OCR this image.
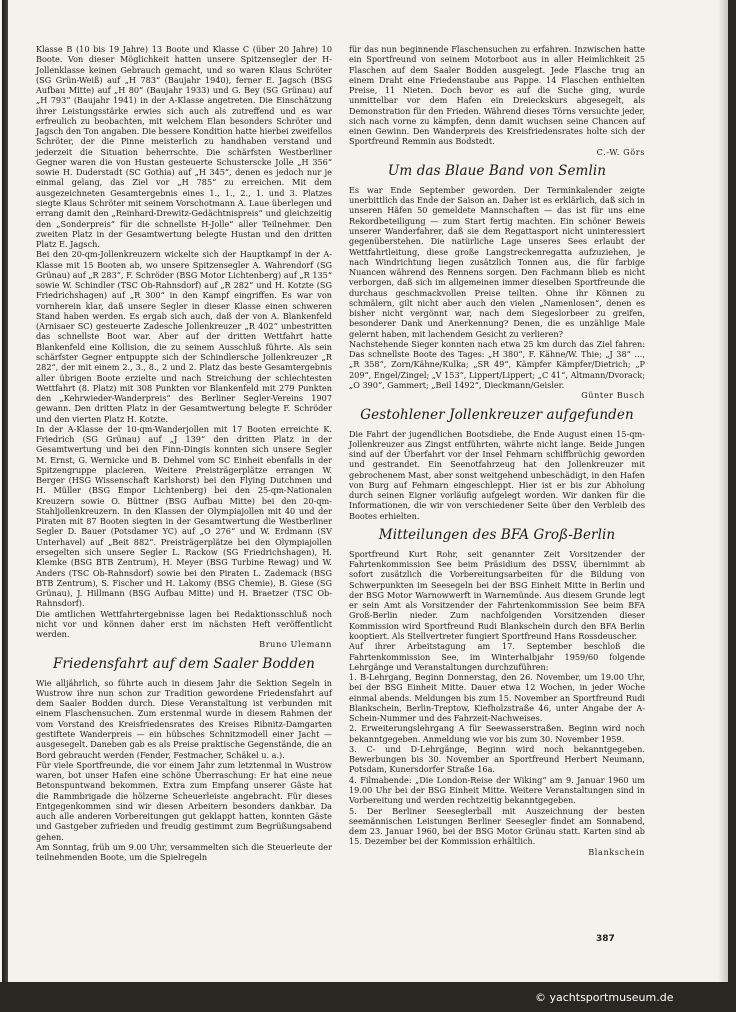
Klasse B (10 bis 19 Jahre) 13 Boote und Klasse C (über 20 Jahre) 10 Boote. Von dieser Möglichkeit hatten unsere Spitzensegler der H-Jollenklasse keinen Gebrauch gemacht, und so waren Klaus Schröter (SG Grün-Weiß) auf „H 783“ (Baujahr 1940), ferner E. Jagsch (BSG Aufbau Mitte) auf „H 80“ (Baujahr 1933) und G. Bey (SG Grünau) auf „H 793“ (Baujahr 1941) in der A-Klasse angetreten. Die Einschätzung ihrer Leistungsstärke erwies sich auch als zutreffend und es war erfreulich zu beobachten, mit welchem Elan besonders Schröter und Jagsch den Ton angaben. Die bessere Kondition hatte hierbei zweifellos Schröter, der die Pinne meisterlich zu handhaben verstand und jederzeit die Situation beherrschte. Die schärfsten Westberliner Gegner waren die von Hustan gesteuerte Schusterscke Jolle „H 356“ sowie H. Duderstadt (SC Gothia) auf „H 345“, denen es jedoch nur je einmal gelang, das Ziel vor „H 785“ zu erreichen. Mit dem ausgezeichneten Gesamtergebnis eines 1., 1., 2., 1. und 3. Platzes siegte Klaus Schröter mit seinem Vorschotmann A. Laue überlegen und errang damit den „Reinhard-Drewitz-Gedächtnispreis“ und gleichzeitig den „Sonderpreis“ für die schnellste H-Jolle“ aller Teilnehmer. Den zweiten Platz in der Gesamtwertung belegte Hustan und den dritten Platz E. Jagsch.

Bei den 20-qm-Jollenkreuzern wickelte sich der Hauptkampf in der A-Klasse mit 15 Booten ab, wo unsere Spitzensegler A. Wahrendorf (SG Grünau) auf „R 283“, F. Schröder (BSG Motor Lichtenberg) auf „R 135“ sowie W. Schindler (TSC Ob-Rahnsdorf) auf „R 282“ und H. Kotzte (SG Friedrichshagen) auf „R 300“ in den Kampf eingriffen. Es war von vornherein klar, daß unsere Segler in dieser Klasse einen schweren Stand haben werden. Es ergab sich auch, daß der von A. Blankenfeld (Arnisaer SC) gesteuerte Zadesche Jollenkreuzer „R 402“ unbestritten das schnellste Boot war. Aber auf der dritten Wettfahrt hatte Blankenfeld eine Kollision, die zu seinem Ausschluß führte. Als sein schärfster Gegner entpuppte sich der Schindlersche Jollenkreuzer „R 282“, der mit einem 2., 3., 8., 2 und 2. Platz das beste Gesamtergebnis aller übrigen Boote erzielte und nach Streichung der schlechtesten Wettfahrt (8. Platz) mit 308 Punkten vor Blankenfeld mit 279 Punkten den „Kehrwieder-Wanderpreis“ des Berliner Segler-Vereins 1907 gewann. Den dritten Platz in der Gesamtwertung belegte F. Schröder und den vierten Platz H. Kotzte.

In der A-Klasse der 10-qm-Wanderjollen mit 17 Booten erreichte K. Friedrich (SG Grünau) auf „J 139“ den dritten Platz in der Gesamtwertung und bei den Finn-Dingis konnten sich unsere Segler M. Ernst, G. Wernicke und B. Dehmel vom SC Einheit ebenfalls in der Spitzengruppe placieren. Weitere Preisträgerplätze errangen W. Berger (HSG Wissenschaft Karlshorst) bei den Flying Dutchmen und H. Müller (BSG Empor Lichtenberg) bei den 25-qm-Nationalen Kreuzern sowie O. Büttner (BSG Aufbau Mitte) bei den 20-qm-Stahljollenkreuzern. In den Klassen der Olympiajollen mit 40 und der Piraten mit 87 Booten siegten in der Gesamtwertung die Westberliner Segler D. Bauer (Potsdamer YC) auf „O 276“ und W. Erdmann (SV Unterhavel) auf „Beit 882“. Preisträgerplätze bei den Olympiajollen ersegelten sich unsere Segler L. Rackow (SG Friedrichshagen), H. Klemke (BSG BTB Zentrum), H. Meyer (BSG Turbine Rewag) und W. Anders (TSC Ob-Rahnsdorf) sowie bei den Piraten L. Zademack (BSG BTB Zentrum), S. Fischer und H. Lakomy (BSG Chemie), B. Giese (SG Grünau), J. Hillmann (BSG Aufbau Mitte) und H. Braetzer (TSC Ob-Rahnsdorf).

Die amtlichen Wettfahrtergebnisse lagen bei Redaktionsschluß noch nicht vor und können daher erst im nächsten Heft veröffentlicht werden.

Bruno Ulemann

Friedensfahrt auf dem Saaler Bodden

Wie alljährlich, so führte auch in diesem Jahr die Sektion Segeln in Wustrow ihre nun schon zur Tradition gewordene Friedensfahrt auf dem Saaler Bodden durch. Diese Veranstaltung ist verbunden mit einem Flaschensuchen. Zum erstenmal wurde in diesem Rahmen der vom Vorstand des Kreisfriedensrates des Kreises Ribnitz-Damgarten gestiftete Wanderpreis — ein hübsches Schnitzmodell einer Jacht — ausgesegelt. Daneben gab es als Preise praktische Gegenstände, die an Bord gebraucht werden (Fender, Festmacher, Schäkel u. a.).

Für viele Sportfreunde, die vor einem Jahr zum letztenmal in Wustrow waren, bot unser Hafen eine schöne Überraschung: Er hat eine neue Betonspuntwand bekommen. Extra zum Empfang unserer Gäste hat die Rammbrigade die hölzerne Scheuerleiste angebracht. Für dieses Entgegenkommen sind wir diesen Arbeitern besonders dankbar. Da auch alle anderen Vorbereitungen gut geklappt hatten, konnten Gäste und Gastgeber zufrieden und freudig gestimmt zum Begrüßungsabend gehen.

Am Sonntag, früh um 9.00 Uhr, versammelten sich die Steuerleute der teilnehmenden Boote, um die Spielregeln

für das nun beginnende Flaschensuchen zu erfahren. Inzwischen hatte ein Sportfreund von seinem Motorboot aus in aller Heimlichkeit 25 Flaschen auf dem Saaler Bodden ausgelegt. Jede Flasche trug an einem Draht eine Friedenstaube aus Pappe. 14 Flaschen enthielten Preise, 11 Nieten. Doch bevor es auf die Suche ging, wurde unmittelbar vor dem Hafen ein Dreieckskurs abgesegelt, als Demonstration für den Frieden. Während dieses Törns versuchte jeder, sich nach vorne zu kämpfen, denn damit wuchsen seine Chancen auf einen Gewinn. Den Wanderpreis des Kreisfriedensrates holte sich der Sportfreund Remmin aus Bodstedt.

C.-W. Görs

Um das Blaue Band von Semlin

Es war Ende September geworden. Der Terminkalender zeigte unerbittlich das Ende der Saison an. Daher ist es erklärlich, daß sich in unseren Häfen 50 gemeldete Mannschaften — das ist für uns eine Rekordbeteiligung — zum Start fertig machten. Ein schöner Beweis unserer Wanderfahrer, daß sie dem Regattasport nicht uninteressiert gegenüberstehen. Die natürliche Lage unseres Sees erlaubt der Wettfahrtleitung, diese große Langstreckenregatta aufzuziehen, je nach Windrichtung liegen zusätzlich Tonnen aus, die für farbige Nuancen während des Rennens sorgen. Den Fachmann blieb es nicht verborgen, daß sich im allgemeinen immer dieselben Sportfreunde die durchaus geschmackvollen Preise teilten. Ohne ihr Können zu schmälern, gilt nicht aber auch den vielen „Namenlosen“, denen es bisher nicht vergönnt war, nach dem Siegeslorbeer zu greifen, besonderer Dank und Anerkennung? Denen, die es unzählige Male gelernt haben, mit lachendem Gesicht zu verlieren?

Nachstehende Sieger konnten nach etwa 25 km durch das Ziel fahren: Das schnellste Boote des Tages: „H 380“, F. Kähne/W. Thie; „J 38“ …, „R 358“, Zorn/Kähne/Kulka; „SR 49“, Kämpfer Kämpfer/Dietrich; „P 209“, Engel/Zingel; „V 153“, Lippert/Lippert; „C 41“, Altmann/Dvorack; „O 390“, Gammert; „Beil 1492“, Dieckmann/Geisler.

Günter Busch

Gestohlener Jollenkreuzer aufgefunden

Die Fahrt der jugendlichen Bootsdiebe, die Ende August einen 15-qm-Jollenkreuzer aus Zingst entführten, währte nicht lange. Beide Jungen sind auf der Überfahrt vor der Insel Fehmarn schiffbrüchig geworden und gestrandet. Ein Seenotfahrzeug hat den Jollenkreuzer mit gebrochenem Mast, aber sonst weitgehend unbeschädigt, in den Hafen von Burg auf Fehmarn eingeschleppt. Hier ist er bis zur Abholung durch seinen Eigner vorläufig aufgelegt worden. Wir danken für die Informationen, die wir von verschiedener Seite über den Verbleib des Bootes erhielten.

Mitteilungen des BFA Groß-Berlin

Sportfreund Kurt Rohr, seit genannter Zeit Vorsitzender der Fahrtenkommission See beim Präsidium des DSSV, übernimmt ab sofort zusätzlich die Vorbereitungsarbeiten für die Bildung von Schwerpunkten im Seesegeln bei der BSG Einheit Mitte in Berlin und der BSG Motor Warnowwerft in Warnemünde. Aus diesem Grunde legt er sein Amt als Vorsitzender der Fahrtenkommission See beim BFA Groß-Berlin nieder. Zum nachfolgenden Vorsitzenden dieser Kommission wird Sportfreund Rudi Blankschein durch den BFA Berlin kooptiert. Als Stellvertreter fungiert Sportfreund Hans Rossdeuscher.

Auf ihrer Arbeitstagung am 17. September beschloß die Fahrtenkommission See, im Winterhalbjahr 1959/60 folgende Lehrgänge und Veranstaltungen durchzuführen:

1. B-Lehrgang, Beginn Donnerstag, den 26. November, um 19.00 Uhr, bei der BSG Einheit Mitte. Dauer etwa 12 Wochen, in jeder Woche einmal abends. Meldungen bis zum 15. November an Sportfreund Rudi Blankschein, Berlin-Treptow, Kiefholzstraße 46, unter Angabe der A-Schein-Nummer und des Fahrzeit-Nachweises.

2. Erweiterungslehrgang A für Seewasserstraßen. Beginn wird noch bekanntgegeben. Anmeldung wie vor bis zum 30. November 1959.

3. C- und D-Lehrgänge, Beginn wird noch bekanntgegeben. Bewerbungen bis 30. November an Sportfreund Herbert Neumann, Potsdam, Kunersdorfer Straße 16a.

4. Filmabende: „Die London-Reise der Wiking“ am 9. Januar 1960 um 19.00 Uhr bei der BSG Einheit Mitte. Weitere Veranstaltungen sind in Vorbereitung und werden rechtzeitig bekanntgegeben.

5. Der Berliner Seeseglerball mit Auszeichnung der besten seemännischen Leistungen Berliner Seesegler findet am Sonnabend, dem 23. Januar 1960, bei der BSG Motor Grünau statt. Karten sind ab 15. Dezember bei der Kommission erhältlich.

Blankschein

387
© yachtsportmuseum.de
